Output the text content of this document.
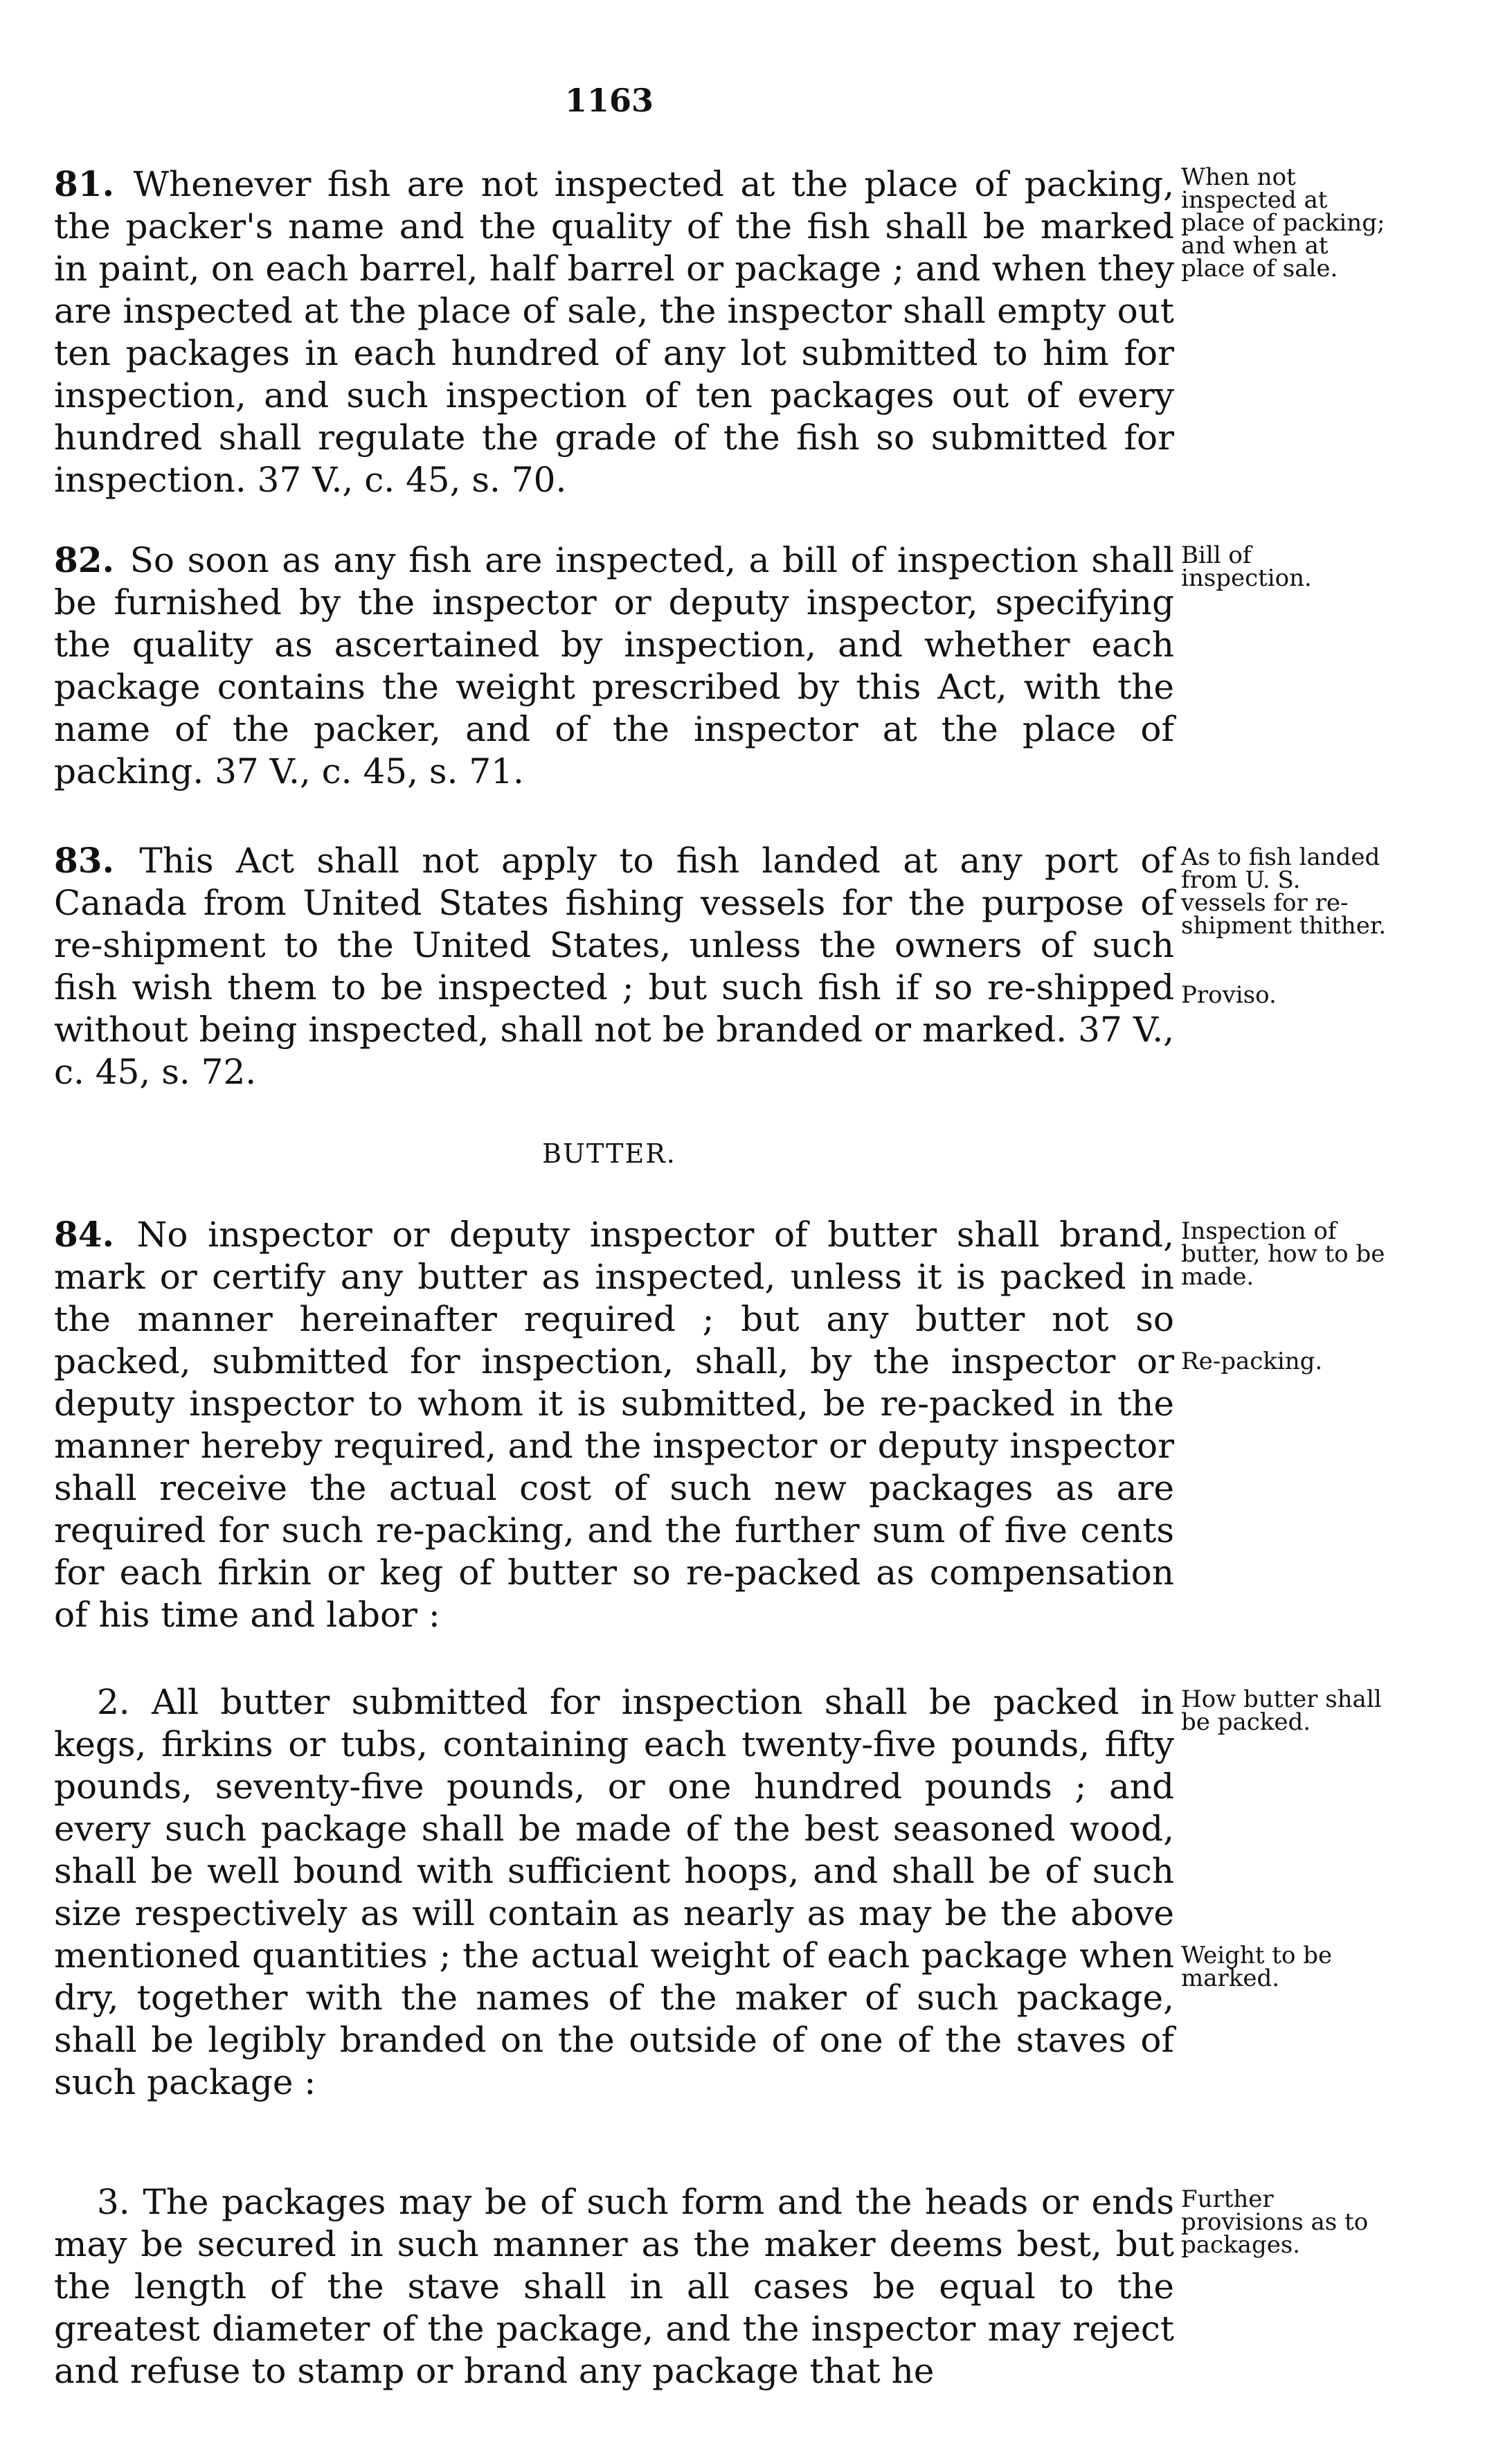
1163

81. Whenever fish are not inspected at the place of packing, the packer's name and the quality of the fish shall be marked in paint, on each barrel, half barrel or package ; and when they are inspected at the place of sale, the inspector shall empty out ten packages in each hundred of any lot submitted to him for inspection, and such inspection of ten packages out of every hundred shall regulate the grade of the fish so submitted for inspection. 37 V., c. 45, s. 70.

When not inspected at place of packing; and when at place of sale.

82. So soon as any fish are inspected, a bill of inspection shall be furnished by the inspector or deputy inspector, specifying the quality as ascertained by inspection, and whether each package contains the weight prescribed by this Act, with the name of the packer, and of the inspector at the place of packing. 37 V., c. 45, s. 71.

Bill of inspection.

83. This Act shall not apply to fish landed at any port of Canada from United States fishing vessels for the purpose of re-shipment to the United States, unless the owners of such fish wish them to be inspected ; but such fish if so re-shipped without being inspected, shall not be branded or marked. 37 V., c. 45, s. 72.

As to fish landed from U. S. vessels for re-shipment thither.

Proviso.

BUTTER.

84. No inspector or deputy inspector of butter shall brand, mark or certify any butter as inspected, unless it is packed in the manner hereinafter required ; but any butter not so packed, submitted for inspection, shall, by the inspector or deputy inspector to whom it is submitted, be re-packed in the manner hereby required, and the inspector or deputy inspector shall receive the actual cost of such new packages as are required for such re-packing, and the further sum of five cents for each firkin or keg of butter so re-packed as compensation of his time and labor :

Inspection of butter, how to be made.

Re-packing.

2. All butter submitted for inspection shall be packed in kegs, firkins or tubs, containing each twenty-five pounds, fifty pounds, seventy-five pounds, or one hundred pounds ; and every such package shall be made of the best seasoned wood, shall be well bound with sufficient hoops, and shall be of such size respectively as will contain as nearly as may be the above mentioned quantities ; the actual weight of each package when dry, together with the names of the maker of such package, shall be legibly branded on the outside of one of the staves of such package :

How butter shall be packed.

Weight to be marked.

3. The packages may be of such form and the heads or ends may be secured in such manner as the maker deems best, but the length of the stave shall in all cases be equal to the greatest diameter of the package, and the inspector may reject and refuse to stamp or brand any package that he

Further provisions as to packages.
